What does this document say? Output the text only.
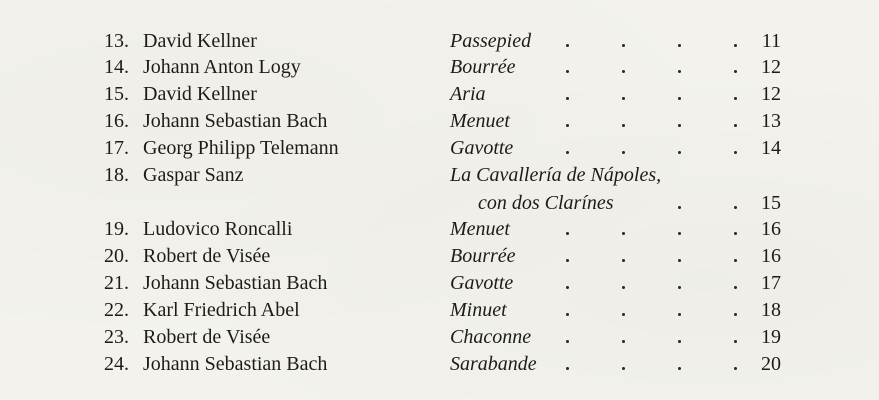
13. David Kellner	Passepied	11
14. Johann Anton Logy	Bourrée	12
15. David Kellner	Aria	12
16. Johann Sebastian Bach	Menuet	13
17. Georg Philipp Telemann	Gavotte	14
18. Gaspar Sanz	La Cavallería de Nápoles,
con dos Clarínes	15
19. Ludovico Roncalli	Menuet	16
20. Robert de Visée	Bourrée	16
21. Johann Sebastian Bach	Gavotte	17
22. Karl Friedrich Abel	Minuet	18
23. Robert de Visée	Chaconne	19
24. Johann Sebastian Bach	Sarabande	20
